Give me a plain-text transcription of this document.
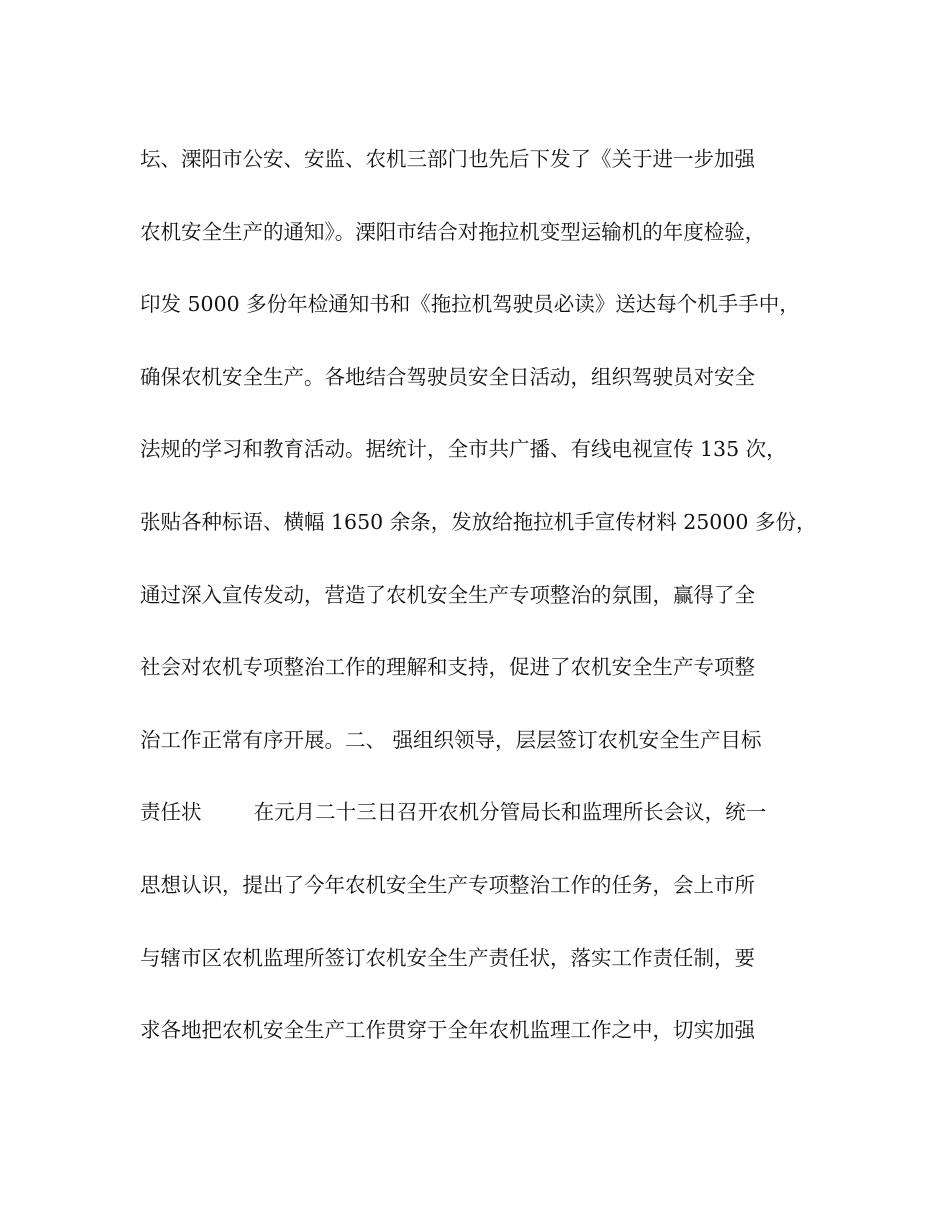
坛、溧阳市公安、安监、农机三部门也先后下发了《关于进一步加强
农机安全生产的通知》。溧阳市结合对拖拉机变型运输机的年度检验，
印发 5000 多份年检通知书和《拖拉机驾驶员必读》送达每个机手手中，
确保农机安全生产。各地结合驾驶员安全日活动，组织驾驶员对安全
法规的学习和教育活动。据统计，全市共广播、有线电视宣传 135 次，
张贴各种标语、横幅 1650 余条，发放给拖拉机手宣传材料 25000 多份，
通过深入宣传发动，营造了农机安全生产专项整治的氛围，赢得了全
社会对农机专项整治工作的理解和支持，促进了农机安全生产专项整
治工作正常有序开展。二、 强组织领导，层层签订农机安全生产目标
责任状        在元月二十三日召开农机分管局长和监理所长会议，统一
思想认识，提出了今年农机安全生产专项整治工作的任务，会上市所
与辖市区农机监理所签订农机安全生产责任状，落实工作责任制，要
求各地把农机安全生产工作贯穿于全年农机监理工作之中，切实加强
